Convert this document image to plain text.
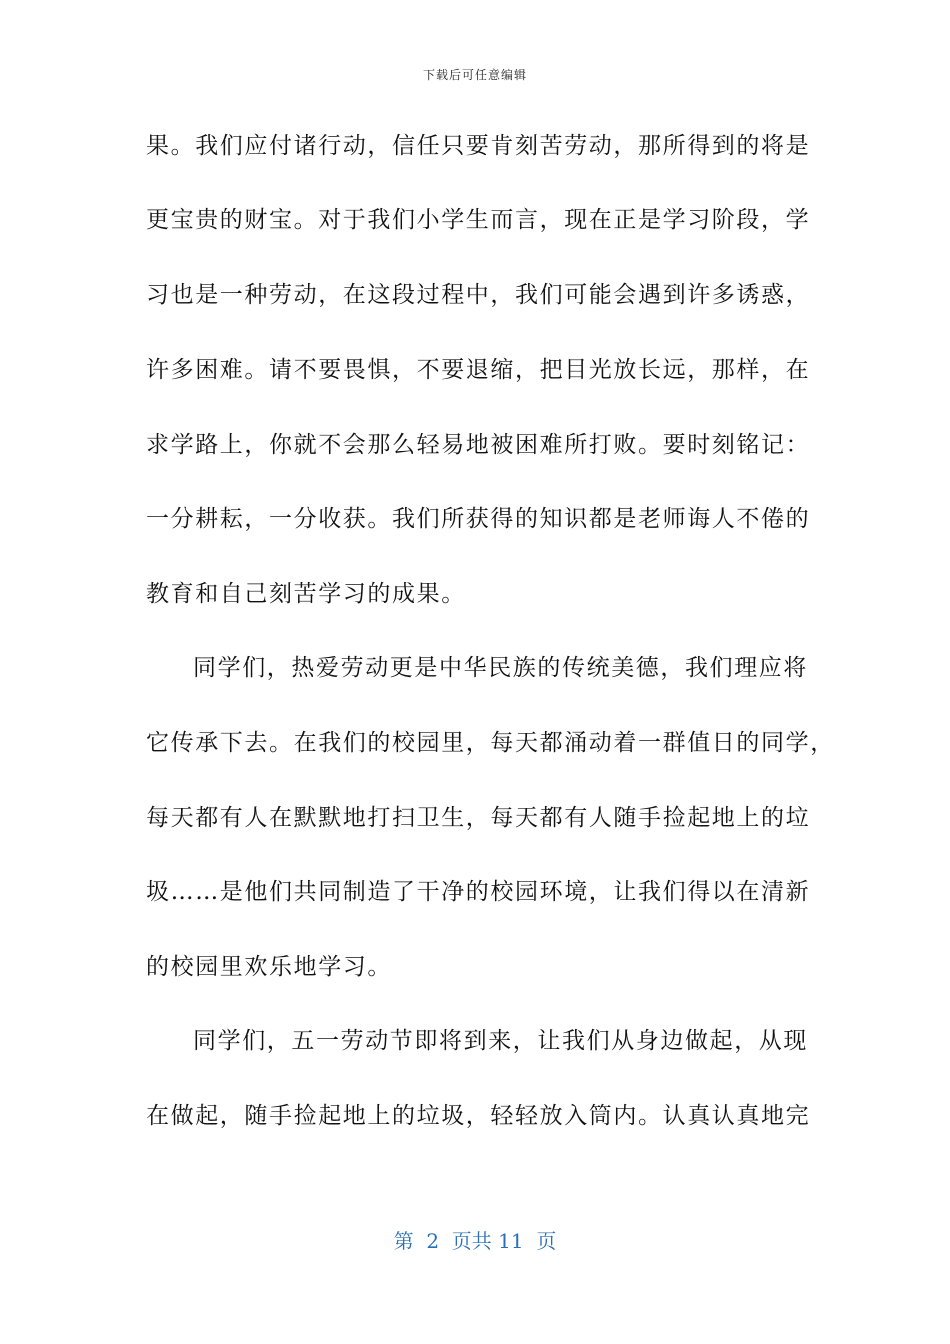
下载后可任意编辑
果。我们应付诸行动，信任只要肯刻苦劳动，那所得到的将是
更宝贵的财宝。对于我们小学生而言，现在正是学习阶段，学
习也是一种劳动，在这段过程中，我们可能会遇到许多诱惑，
许多困难。请不要畏惧，不要退缩，把目光放长远，那样，在
求学路上，你就不会那么轻易地被困难所打败。要时刻铭记：
一分耕耘，一分收获。我们所获得的知识都是老师诲人不倦的
教育和自己刻苦学习的成果。
同学们，热爱劳动更是中华民族的传统美德，我们理应将
它传承下去。在我们的校园里，每天都涌动着一群值日的同学，
每天都有人在默默地打扫卫生，每天都有人随手捡起地上的垃
圾……是他们共同制造了干净的校园环境，让我们得以在清新
的校园里欢乐地学习。
同学们，五一劳动节即将到来，让我们从身边做起，从现
在做起，随手捡起地上的垃圾，轻轻放入筒内。认真认真地完
第  2  页共 11  页
